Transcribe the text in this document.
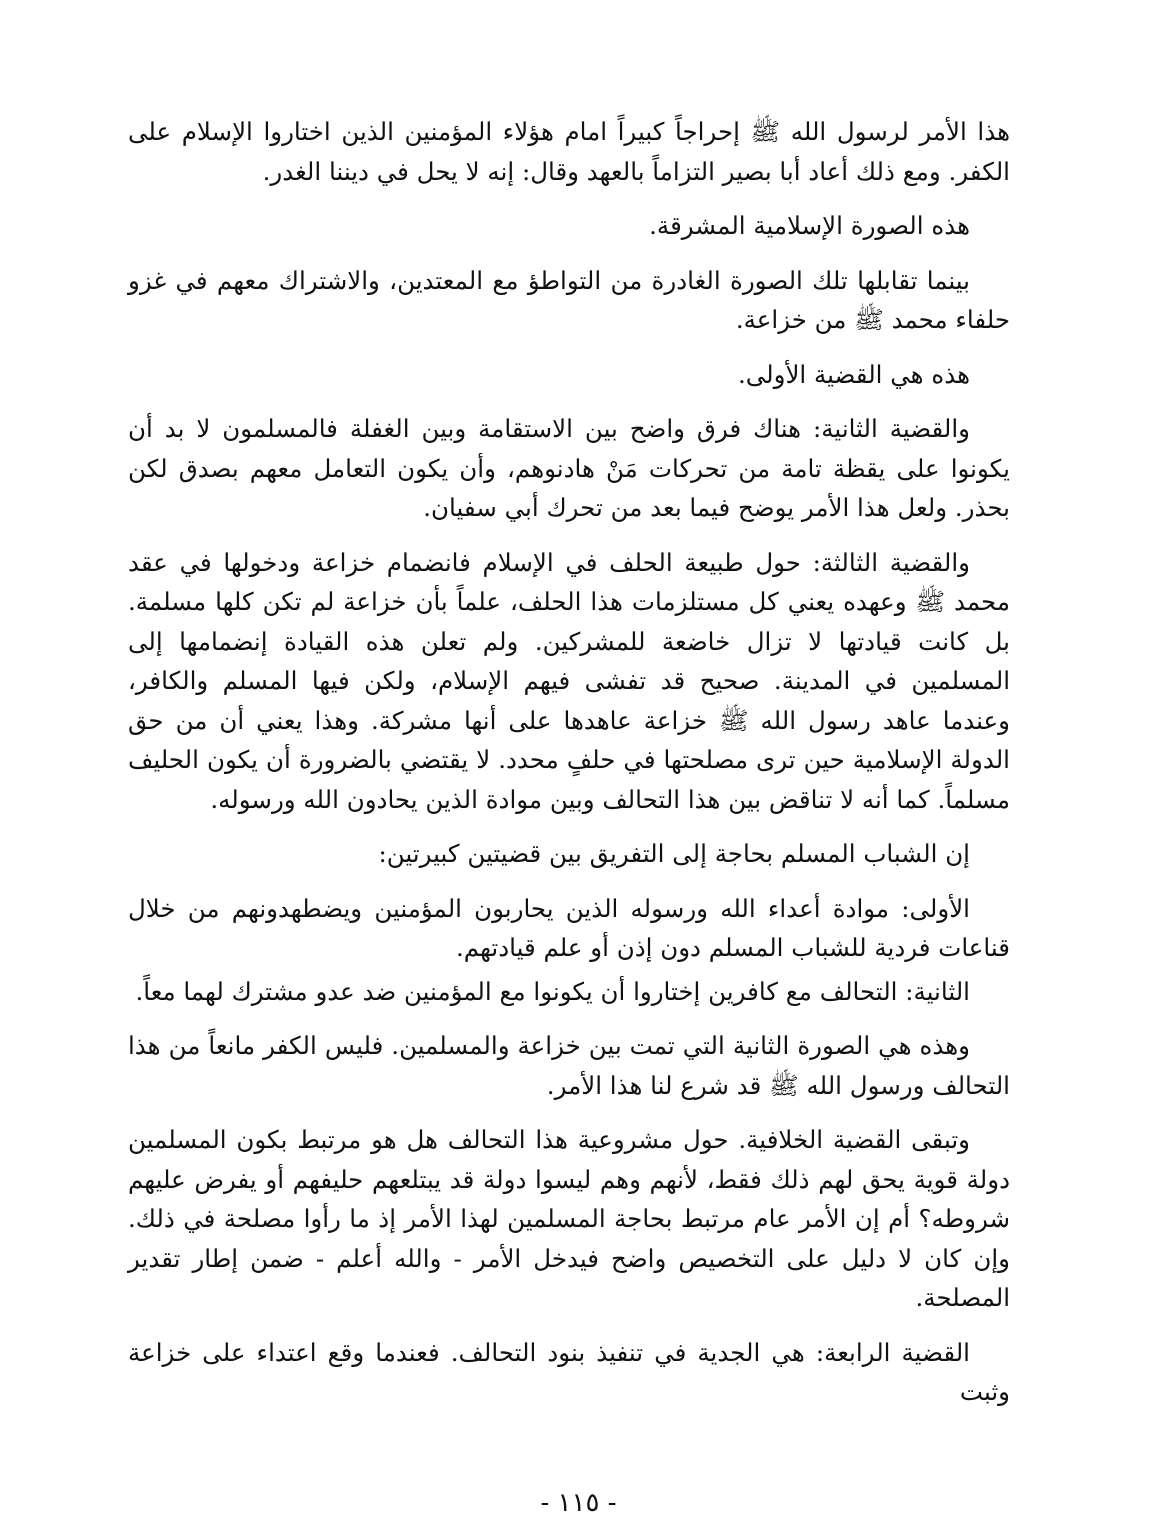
هذا الأمر لرسول الله ﷺ إحراجاً كبيراً امام هؤلاء المؤمنين الذين اختاروا الإسلام على الكفر. ومع ذلك أعاد أبا بصير التزاماً بالعهد وقال: إنه لا يحل في ديننا الغدر.

هذه الصورة الإسلامية المشرقة.

بينما تقابلها تلك الصورة الغادرة من التواطؤ مع المعتدين، والاشتراك معهم في غزو حلفاء محمد ﷺ من خزاعة.

هذه هي القضية الأولى.

والقضية الثانية: هناك فرق واضح بين الاستقامة وبين الغفلة فالمسلمون لا بد أن يكونوا على يقظة تامة من تحركات مَنْ هادنوهم، وأن يكون التعامل معهم بصدق لكن بحذر. ولعل هذا الأمر يوضح فيما بعد من تحرك أبي سفيان.

والقضية الثالثة: حول طبيعة الحلف في الإسلام فانضمام خزاعة ودخولها في عقد محمد ﷺ وعهده يعني كل مستلزمات هذا الحلف، علماً بأن خزاعة لم تكن كلها مسلمة. بل كانت قيادتها لا تزال خاضعة للمشركين. ولم تعلن هذه القيادة إنضمامها إلى المسلمين في المدينة. صحيح قد تفشى فيهم الإسلام، ولكن فيها المسلم والكافر، وعندما عاهد رسول الله ﷺ خزاعة عاهدها على أنها مشركة. وهذا يعني أن من حق الدولة الإسلامية حين ترى مصلحتها في حلفٍ محدد. لا يقتضي بالضرورة أن يكون الحليف مسلماً. كما أنه لا تناقض بين هذا التحالف وبين موادة الذين يحادون الله ورسوله.

إن الشباب المسلم بحاجة إلى التفريق بين قضيتين كبيرتين:

الأولى: موادة أعداء الله ورسوله الذين يحاربون المؤمنين ويضطهدونهم من خلال قناعات فردية للشباب المسلم دون إذن أو علم قيادتهم.

الثانية: التحالف مع كافرين إختاروا أن يكونوا مع المؤمنين ضد عدو مشترك لهما معاً.

وهذه هي الصورة الثانية التي تمت بين خزاعة والمسلمين. فليس الكفر مانعاً من هذا التحالف ورسول الله ﷺ قد شرع لنا هذا الأمر.

وتبقى القضية الخلافية. حول مشروعية هذا التحالف هل هو مرتبط بكون المسلمين دولة قوية يحق لهم ذلك فقط، لأنهم وهم ليسوا دولة قد يبتلعهم حليفهم أو يفرض عليهم شروطه؟ أم إن الأمر عام مرتبط بحاجة المسلمين لهذا الأمر إذ ما رأوا مصلحة في ذلك. وإن كان لا دليل على التخصيص واضح فيدخل الأمر - والله أعلم - ضمن إطار تقدير المصلحة.

القضية الرابعة: هي الجدية في تنفيذ بنود التحالف. فعندما وقع اعتداء على خزاعة وثبت

- ١١٥ -
